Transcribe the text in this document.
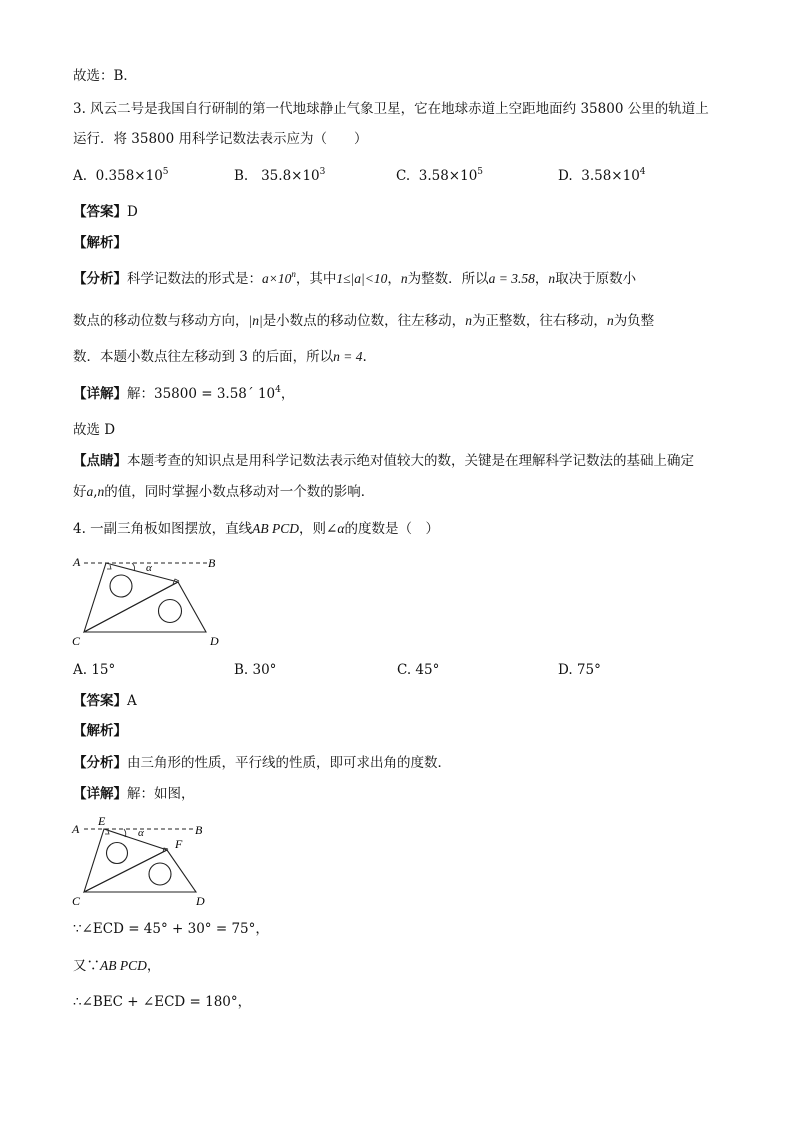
故选：B．
3. 风云二号是我国自行研制的第一代地球静止气象卫星，它在地球赤道上空距地面约 35800 公里的轨道上
运行．将 35800 用科学记数法表示应为（　　）
A. $0.358\times 10^5$	B. $35.8\times 10^3$	C. $3.58\times 10^5$	D. $3.58\times 10^4$
【答案】D
【解析】
【分析】科学记数法的形式是：$a\times 10^n$，其中1≤|a|<10，n为整数．所以a = 3.58，n取决于原数小
数点的移动位数与移动方向，|n|是小数点的移动位数，往左移动，n为正整数，往右移动，n为负整
数．本题小数点往左移动到 3 的后面，所以n = 4.
【详解】解：35800 = 3.58´ $10^4$，
故选 D
【点睛】本题考查的知识点是用科学记数法表示绝对值较大的数，关键是在理解科学记数法的基础上确定
好a,n的值，同时掌握小数点移动对一个数的影响．
4. 一副三角板如图摆放，直线AB PCD，则∠α的度数是（　）
A	B
C	D
α
A. 15°	B. 30°	C. 45°	D. 75°
【答案】A
【解析】
【分析】由三角形的性质，平行线的性质，即可求出角的度数．
【详解】解：如图，
A	B
E
F
C	D
α
∵∠ECD = 45° + 30° = 75°，
又∵AB PCD，
∴∠BEC + ∠ECD = 180°，
